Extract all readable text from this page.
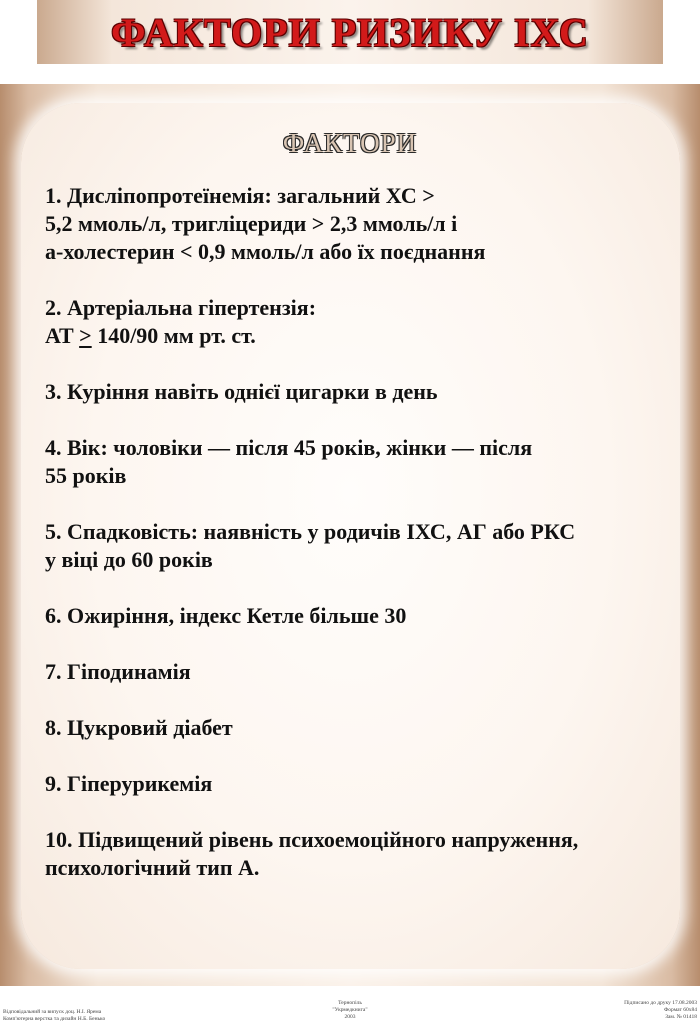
ФАКТОРИ РИЗИКУ ІХС
ФАКТОРИ
1. Дисліпопротеїнемія: загальний ХС >
5,2 ммоль/л, тригліцериди > 2,3 ммоль/л і
а-холестерин < 0,9 ммоль/л або їх поєднання
2. Артеріальна гіпертензія:
АТ ≥ 140/90 мм рт. ст.
3. Куріння навіть однієї цигарки в день
4. Вік: чоловіки — після 45 років, жінки — після
55 років
5. Спадковість: наявність у родичів ІХС, АГ або РКС
у віці до 60 років
6. Ожиріння, індекс Кетле більше 30
7. Гіподинамія
8. Цукровий діабет
9. Гіперурикемія
10. Підвищений рівень психоемоційного напруження,
психологічний тип А.
Відповідальний за випуск доц. Н.І. Ярема
Комп'ютерна верстка та дизайн Н.Б. Бенько
Тернопіль
"Укрмедкнига"
2003
Підписано до друку 17.08.2003
Формат 60х84
Зам. № 01418
